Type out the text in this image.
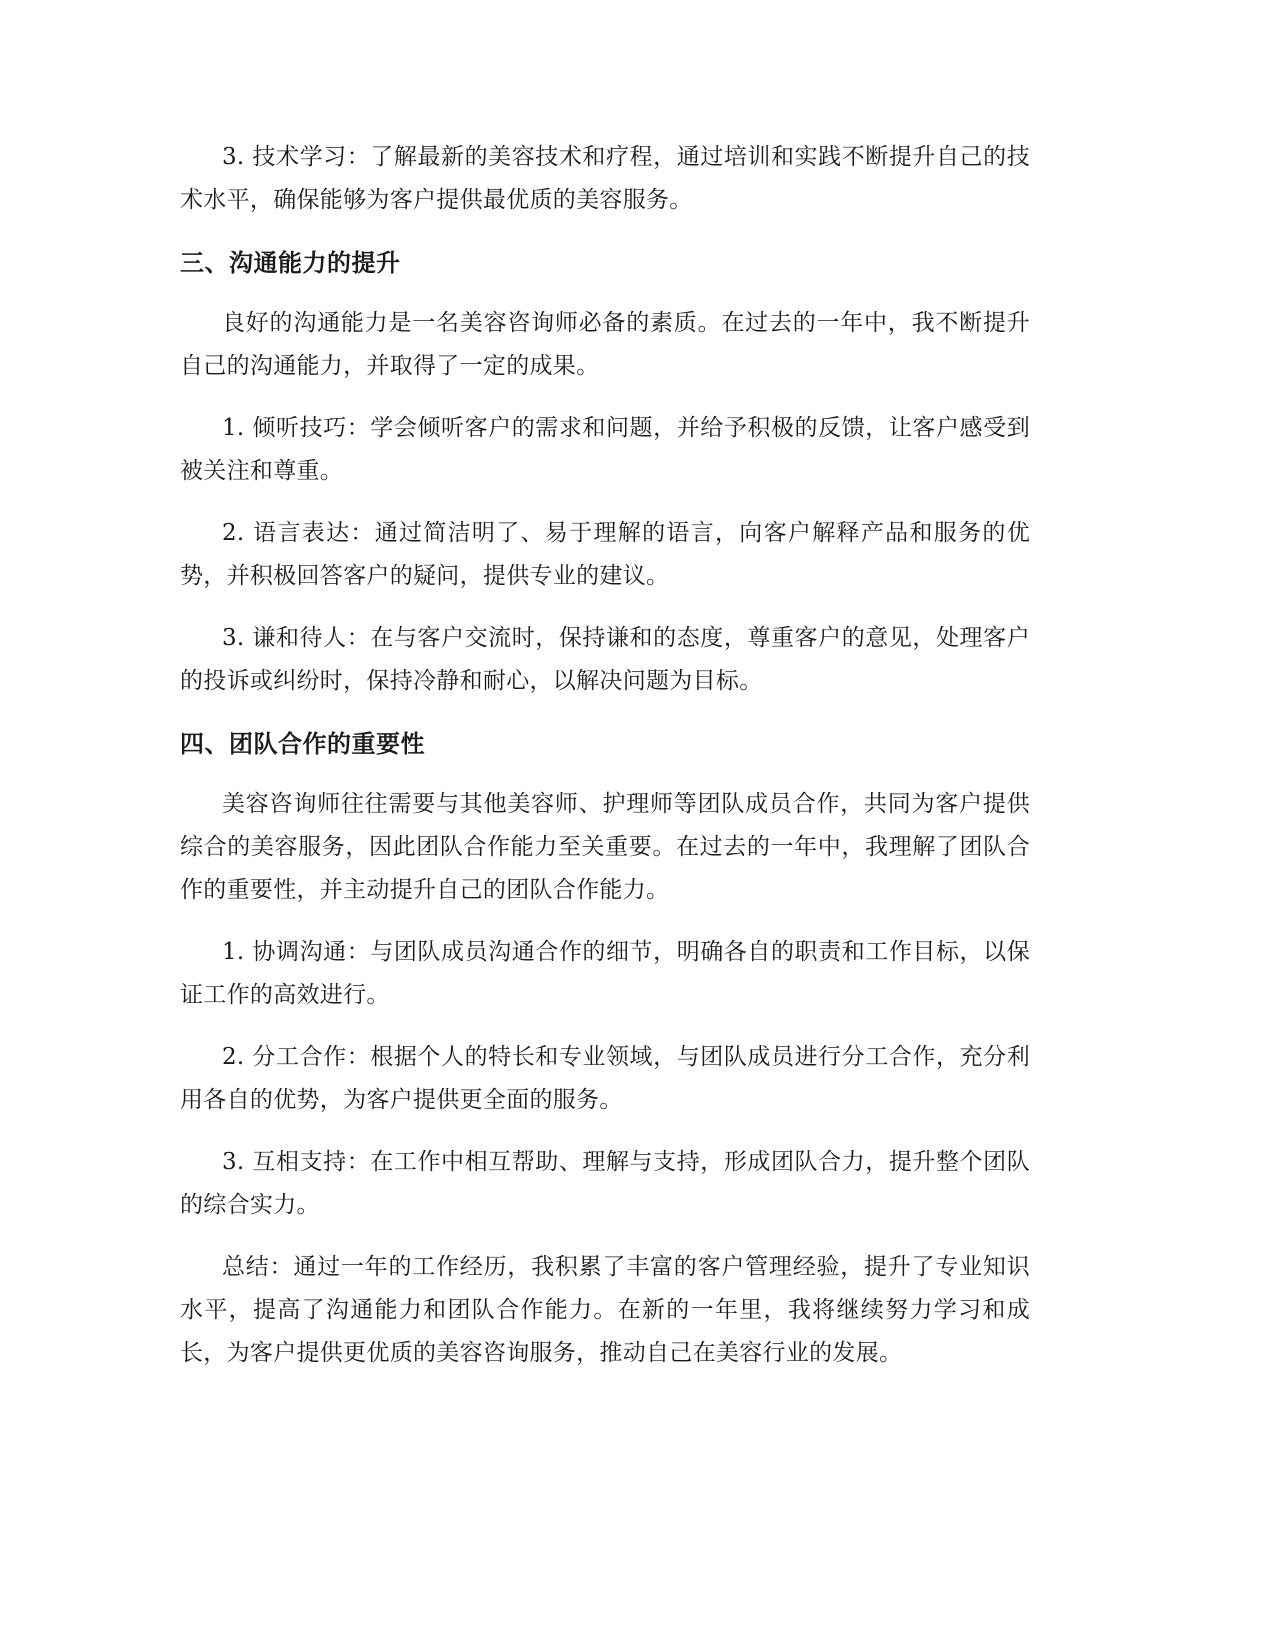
3. 技术学习：了解最新的美容技术和疗程，通过培训和实践不断提升自己的技术水平，确保能够为客户提供最优质的美容服务。

三、沟通能力的提升

良好的沟通能力是一名美容咨询师必备的素质。在过去的一年中，我不断提升自己的沟通能力，并取得了一定的成果。

1. 倾听技巧：学会倾听客户的需求和问题，并给予积极的反馈，让客户感受到被关注和尊重。

2. 语言表达：通过简洁明了、易于理解的语言，向客户解释产品和服务的优势，并积极回答客户的疑问，提供专业的建议。

3. 谦和待人：在与客户交流时，保持谦和的态度，尊重客户的意见，处理客户的投诉或纠纷时，保持冷静和耐心，以解决问题为目标。

四、团队合作的重要性

美容咨询师往往需要与其他美容师、护理师等团队成员合作，共同为客户提供综合的美容服务，因此团队合作能力至关重要。在过去的一年中，我理解了团队合作的重要性，并主动提升自己的团队合作能力。

1. 协调沟通：与团队成员沟通合作的细节，明确各自的职责和工作目标，以保证工作的高效进行。

2. 分工合作：根据个人的特长和专业领域，与团队成员进行分工合作，充分利用各自的优势，为客户提供更全面的服务。

3. 互相支持：在工作中相互帮助、理解与支持，形成团队合力，提升整个团队的综合实力。

总结：通过一年的工作经历，我积累了丰富的客户管理经验，提升了专业知识水平，提高了沟通能力和团队合作能力。在新的一年里，我将继续努力学习和成长，为客户提供更优质的美容咨询服务，推动自己在美容行业的发展。
